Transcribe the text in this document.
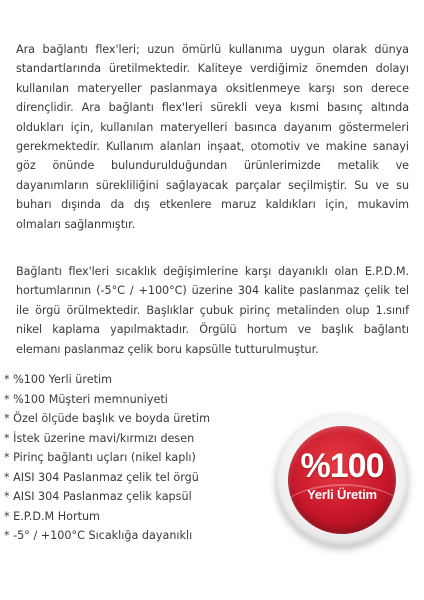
Ara bağlantı flex'leri; uzun ömürlü kullanıma uygun olarak dünya standartlarında üretilmektedir. Kaliteye verdiğimiz önemden dolayı kullanılan materyeller paslanmaya oksitlenmeye karşı son derece dirençlidir. Ara bağlantı flex'leri sürekli veya kısmi basınç altında oldukları için, kullanılan materyelleri basınca dayanım göstermeleri gerekmektedir. Kullanım alanları inşaat, otomotiv ve makine sanayi göz önünde bulundurulduğundan ürünlerimizde metalik ve dayanımların sürekliliğini sağlayacak parçalar seçilmiştir. Su ve su buharı dışında da dış etkenlere maruz kaldıkları için, mukavim olmaları sağlanmıştır.

Bağlantı flex'leri sıcaklık değişimlerine karşı dayanıklı olan E.P.D.M. hortumlarının (-5°C / +100°C) üzerine 304 kalite paslanmaz çelik tel ile örgü örülmektedir. Başlıklar çubuk pirinç metalinden olup 1.sınıf nikel kaplama yapılmaktadır. Örgülü hortum ve başlık bağlantı elemanı paslanmaz çelik boru kapsülle tutturulmuştur.

* %100 Yerli üretim
* %100 Müşteri memnuniyeti
* Özel ölçüde başlık ve boyda üretim
* İstek üzerine mavi/kırmızı desen
* Pirinç bağlantı uçları (nikel kaplı)
* AISI 304 Paslanmaz çelik tel örgü
* AISI 304 Paslanmaz çelik kapsül
* E.P.D.M Hortum
* -5° / +100°C Sıcaklığa dayanıklı
%100
Yerli Üretim
